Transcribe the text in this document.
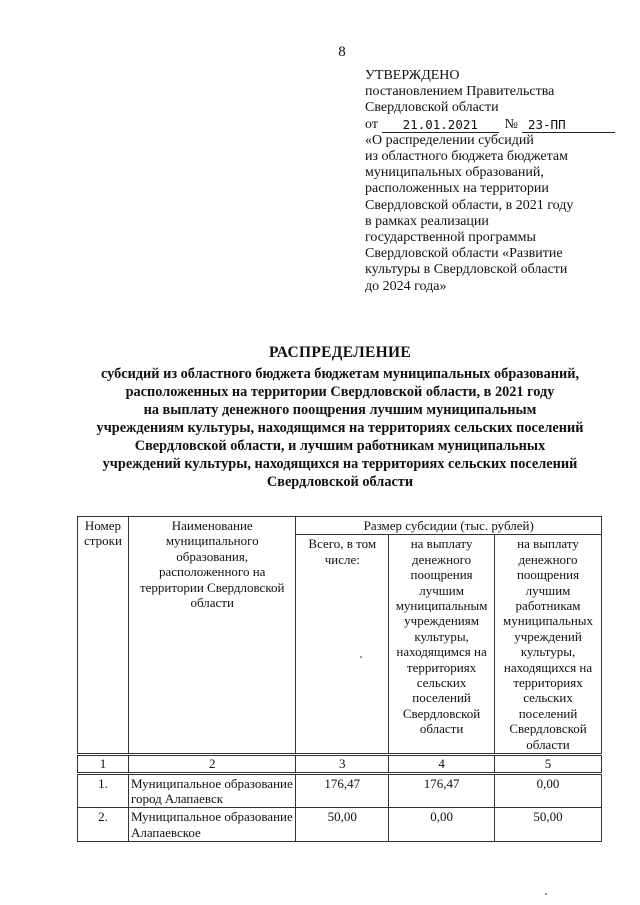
8
УТВЕРЖДЕНО
постановлением Правительства
Свердловской области
от	21.01.2021	№ 23-ПП
«О распределении субсидий
из областного бюджета бюджетам
муниципальных образований,
расположенных на территории
Свердловской области, в 2021 году
в рамках реализации
государственной программы
Свердловской области «Развитие
культуры в Свердловской области
до 2024 года»
РАСПРЕДЕЛЕНИЕ
субсидий из областного бюджета бюджетам муниципальных образований,
расположенных на территории Свердловской области, в 2021 году
на выплату денежного поощрения лучшим муниципальным
учреждениям культуры, находящимся на территориях сельских поселений
Свердловской области, и лучшим работникам муниципальных
учреждений культуры, находящихся на территориях сельских поселений
Свердловской области
Номер строки	Наименование муниципального образования, расположенного на территории Свердловской области	Размер субсидии (тыс. рублей)		
		Всего, в том числе:	на выплату денежного поощрения лучшим муниципальным учреждениям культуры, находящимся на территориях сельских поселений Свердловской области	на выплату денежного поощрения лучшим работникам муниципальных учреждений культуры, находящихся на территориях сельских поселений Свердловской области
1	2	3	4	5
1.	Муниципальное образование город Алапаевск	176,47	176,47	0,00
2.	Муниципальное образование Алапаевское	50,00	0,00	50,00
